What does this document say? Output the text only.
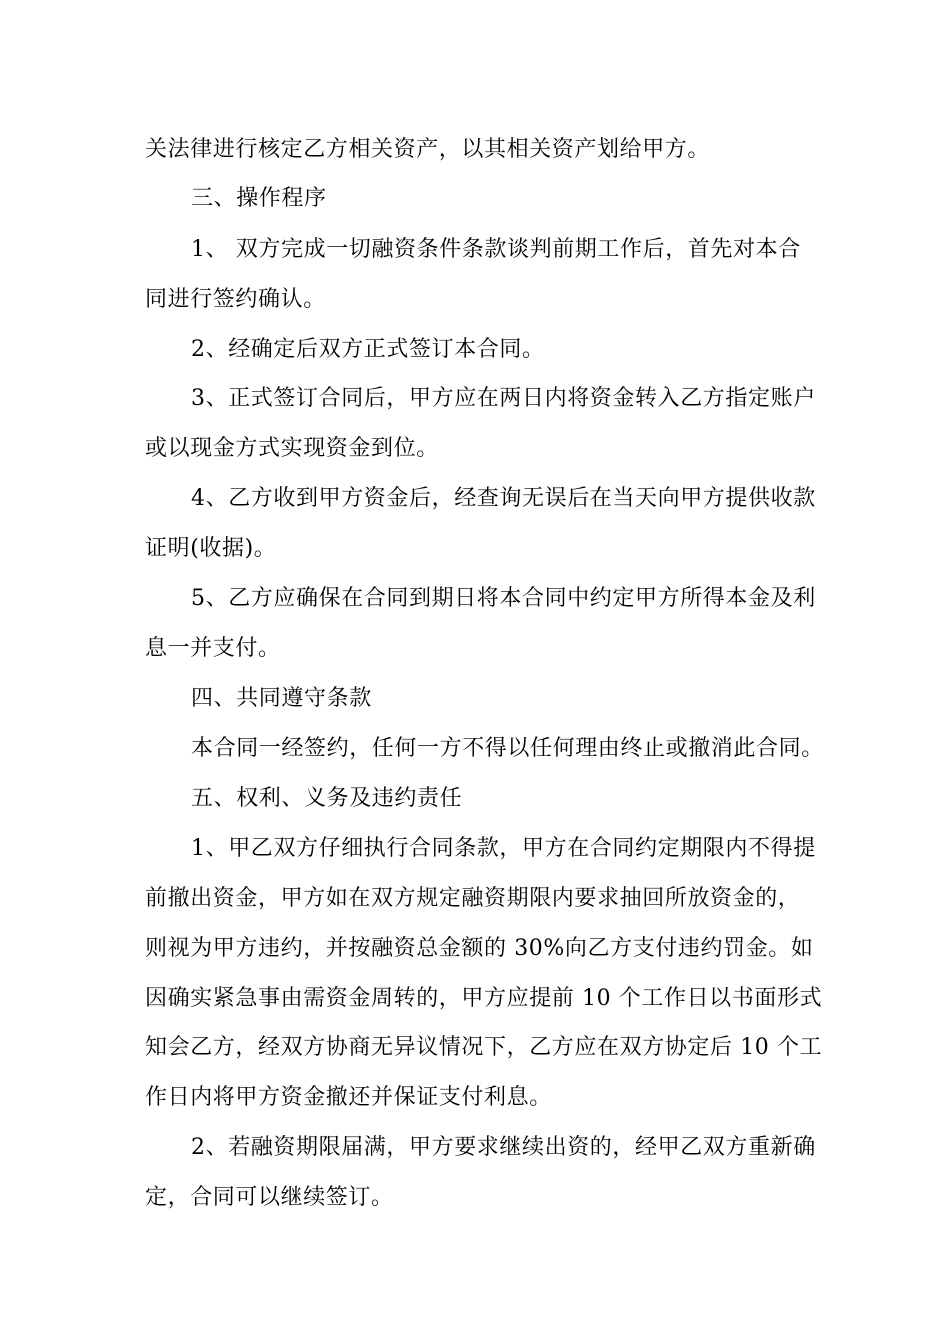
关法律进行核定乙方相关资产，以其相关资产划给甲方。
三、操作程序
1、 双方完成一切融资条件条款谈判前期工作后，首先对本合
同进行签约确认。
2、经确定后双方正式签订本合同。
3、正式签订合同后，甲方应在两日内将资金转入乙方指定账户
或以现金方式实现资金到位。
4、乙方收到甲方资金后，经查询无误后在当天向甲方提供收款
证明(收据)。
5、乙方应确保在合同到期日将本合同中约定甲方所得本金及利
息一并支付。
四、共同遵守条款
本合同一经签约，任何一方不得以任何理由终止或撤消此合同。
五、权利、义务及违约责任
1、甲乙双方仔细执行合同条款，甲方在合同约定期限内不得提
前撤出资金，甲方如在双方规定融资期限内要求抽回所放资金的，
则视为甲方违约，并按融资总金额的 30%向乙方支付违约罚金。如
因确实紧急事由需资金周转的，甲方应提前 10 个工作日以书面形式
知会乙方，经双方协商无异议情况下，乙方应在双方协定后 10 个工
作日内将甲方资金撤还并保证支付利息。
2、若融资期限届满，甲方要求继续出资的，经甲乙双方重新确
定，合同可以继续签订。
